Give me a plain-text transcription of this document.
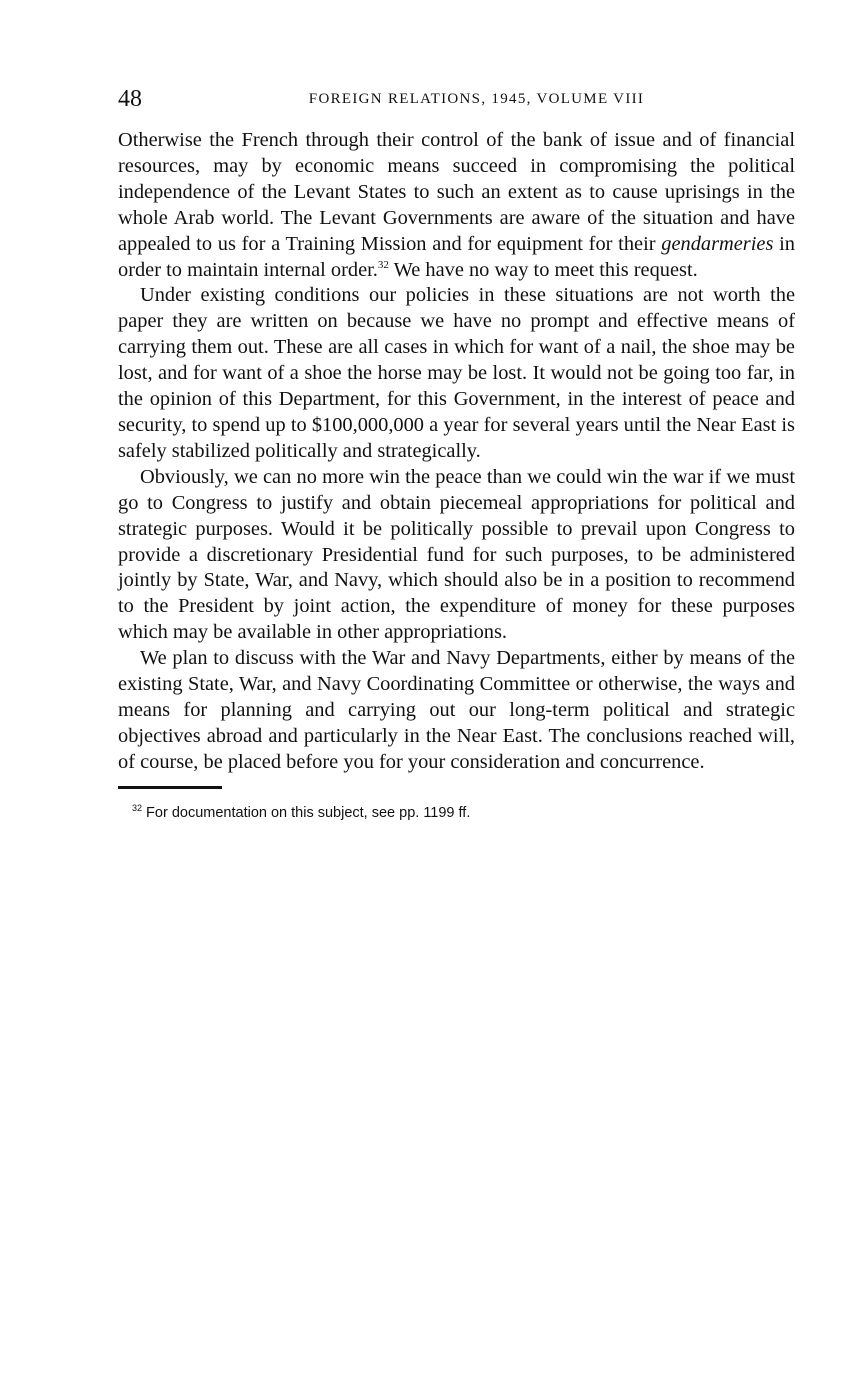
48	FOREIGN RELATIONS, 1945, VOLUME VIII

Otherwise the French through their control of the bank of issue and of financial resources, may by economic means succeed in compromising the political independence of the Levant States to such an extent as to cause uprisings in the whole Arab world. The Levant Governments are aware of the situation and have appealed to us for a Training Mission and for equipment for their gendarmeries in order to maintain internal order.$^{32}$ We have no way to meet this request.

Under existing conditions our policies in these situations are not worth the paper they are written on because we have no prompt and effective means of carrying them out. These are all cases in which for want of a nail, the shoe may be lost, and for want of a shoe the horse may be lost. It would not be going too far, in the opinion of this Department, for this Government, in the interest of peace and security, to spend up to $100,000,000 a year for several years until the Near East is safely stabilized politically and strategically.

Obviously, we can no more win the peace than we could win the war if we must go to Congress to justify and obtain piecemeal appropriations for political and strategic purposes. Would it be politically possible to prevail upon Congress to provide a discretionary Presidential fund for such purposes, to be administered jointly by State, War, and Navy, which should also be in a position to recommend to the President by joint action, the expenditure of money for these purposes which may be available in other appropriations.

We plan to discuss with the War and Navy Departments, either by means of the existing State, War, and Navy Coordinating Committee or otherwise, the ways and means for planning and carrying out our long-term political and strategic objectives abroad and particularly in the Near East. The conclusions reached will, of course, be placed before you for your consideration and concurrence.

$^{32}$ For documentation on this subject, see pp. 1199 ff.
